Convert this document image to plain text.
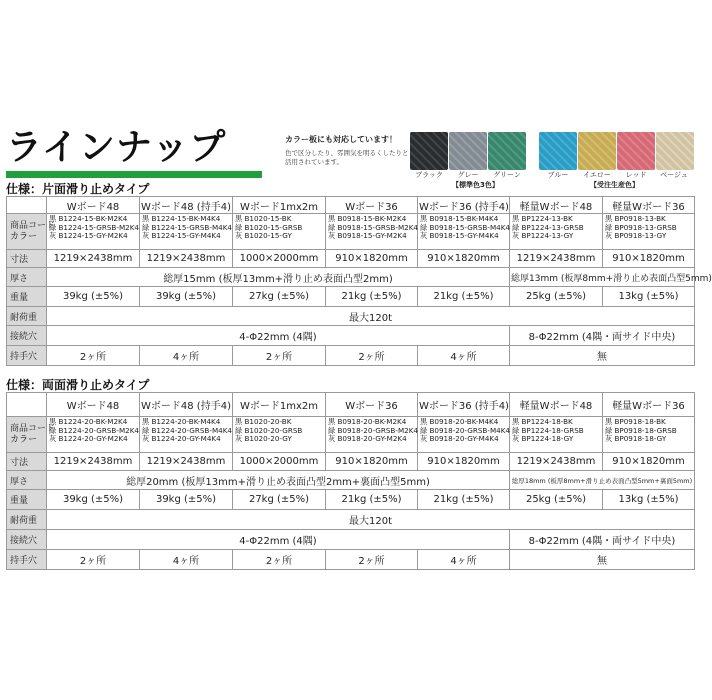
ラインナップ	カラー板にも対応しています！
色で区分したり、雰囲気を明るくしたりと活用されています。
ブラック	グレー	グリーン	ブルー	イエロー	レッド	ベージュ
【標準色3色】	【受注生産色】
仕様：片面滑り止めタイプ
	Wボード48	Wボード48 (持手4)	Wボード1mx2m	Wボード36	Wボード36 (持手4)	軽量Wボード48	軽量Wボード36

商品コード
カラー	黒 B1224-15-BK-M2K4
緑 B1224-15-GRSB-M2K4
灰 B1224-15-GY-M2K4	黒 B1224-15-BK-M4K4
緑 B1224-15-GRSB-M4K4
灰 B1224-15-GY-M4K4	黒 B1020-15-BK
緑 B1020-15-GRSB
灰 B1020-15-GY	黒 B0918-15-BK-M2K4
緑 B0918-15-GRSB-M2K4
灰 B0918-15-GY-M2K4	黒 B0918-15-BK-M4K4
緑 B0918-15-GRSB-M4K4
灰 B0918-15-GY-M4K4	黒 BP1224-13-BK
緑 BP1224-13-GRSB
灰 BP1224-13-GY	黒 BP0918-13-BK
緑 BP0918-13-GRSB
灰 BP0918-13-GY

寸法	1219×2438mm	1219×2438mm	1000×2000mm	910×1820mm	910×1820mm	1219×2438mm	910×1820mm
厚さ	総厚15mm (板厚13mm+滑り止め表面凸型2mm)					総厚13mm (板厚8mm+滑り止め表面凸型5mm)	
重量	39kg (±5%)	39kg (±5%)	27kg (±5%)	21kg (±5%)	21kg (±5%)	25kg (±5%)	13kg (±5%)
耐荷重	最大120t						
接続穴	4-Φ22mm (4隅)					8-Φ22mm (4隅・両サイド中央)	
持手穴	2ヶ所	4ヶ所	2ヶ所	2ヶ所	4ヶ所	無	
仕様：両面滑り止めタイプ
	Wボード48	Wボード48 (持手4)	Wボード1mx2m	Wボード36	Wボード36 (持手4)	軽量Wボード48	軽量Wボード36

商品コード
カラー	黒 B1224-20-BK-M2K4
緑 B1224-20-GRSB-M2K4
灰 B1224-20-GY-M2K4	黒 B1224-20-BK-M4K4
緑 B1224-20-GRSB-M4K4
灰 B1224-20-GY-M4K4	黒 B1020-20-BK
緑 B1020-20-GRSB
灰 B1020-20-GY	黒 B0918-20-BK-M2K4
緑 B0918-20-GRSB-M2K4
灰 B0918-20-GY-M2K4	黒 B0918-20-BK-M4K4
緑 B0918-20-GRSB-M4K4
灰 B0918-20-GY-M4K4	黒 BP1224-18-BK
緑 BP1224-18-GRSB
灰 BP1224-18-GY	黒 BP0918-18-BK
緑 BP0918-18-GRSB
灰 BP0918-18-GY

寸法	1219×2438mm	1219×2438mm	1000×2000mm	910×1820mm	910×1820mm	1219×2438mm	910×1820mm
厚さ	総厚20mm (板厚13mm+滑り止め表面凸型2mm+裏面凸型5mm)					総厚18mm (板厚8mm+滑り止め表面凸型5mm+裏面5mm)	
重量	39kg (±5%)	39kg (±5%)	27kg (±5%)	21kg (±5%)	21kg (±5%)	25kg (±5%)	13kg (±5%)
耐荷重	最大120t						
接続穴	4-Φ22mm (4隅)					8-Φ22mm (4隅・両サイド中央)	
持手穴	2ヶ所	4ヶ所	2ヶ所	2ヶ所	4ヶ所	無	
